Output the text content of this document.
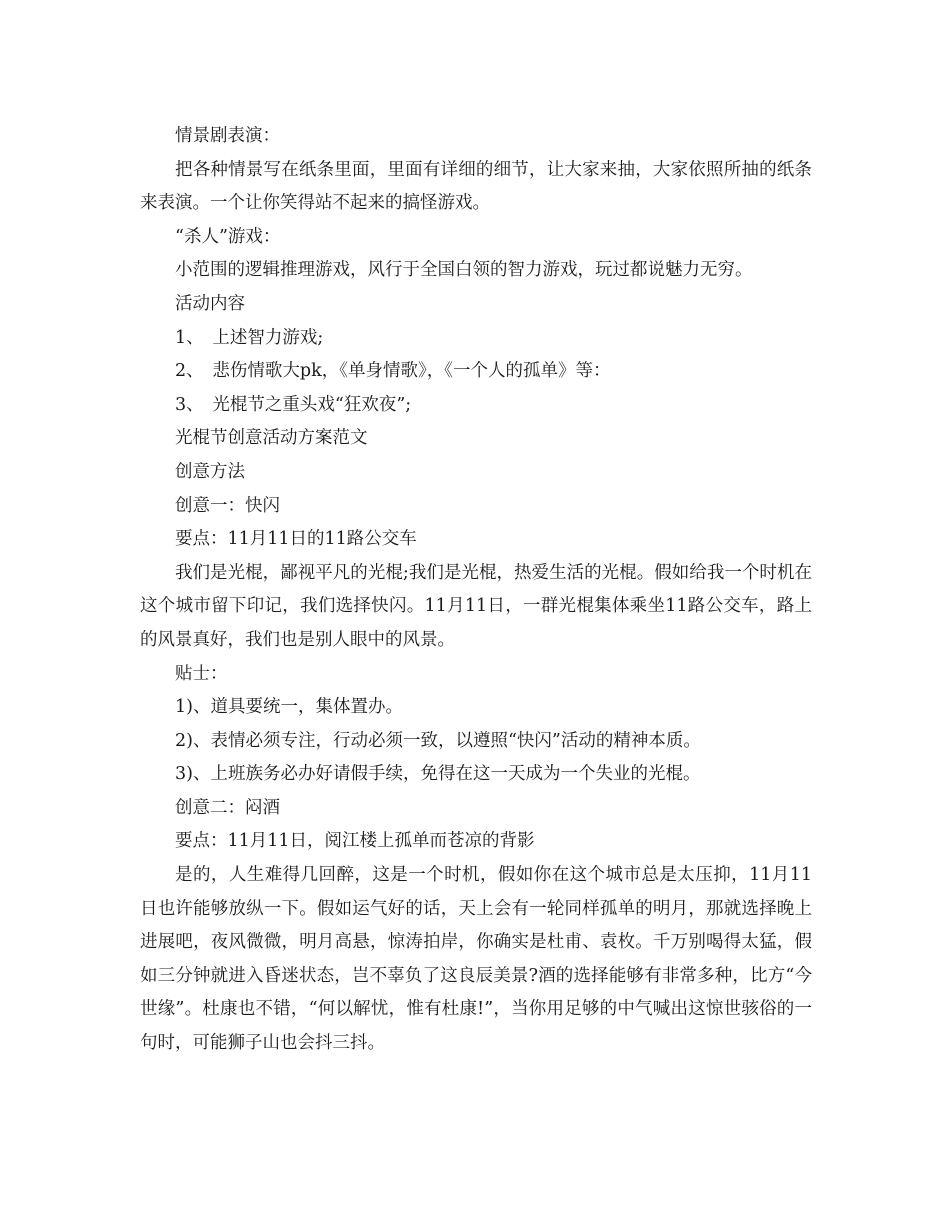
情景剧表演：

把各种情景写在纸条里面，里面有详细的细节，让大家来抽，大家依照所抽的纸条来表演。一个让你笑得站不起来的搞怪游戏。

“杀人”游戏：

小范围的逻辑推理游戏，风行于全国白领的智力游戏，玩过都说魅力无穷。

活动内容

1、　上述智力游戏;

2、　悲伤情歌大pk，《单身情歌》，《一个人的孤单》等：

3、　光棍节之重头戏“狂欢夜”;

光棍节创意活动方案范文

创意方法

创意一：快闪

要点：11月11日的11路公交车

我们是光棍，鄙视平凡的光棍;我们是光棍，热爱生活的光棍。假如给我一个时机在这个城市留下印记，我们选择快闪。11月11日，一群光棍集体乘坐11路公交车，路上的风景真好，我们也是别人眼中的风景。

贴士：

1)、道具要统一，集体置办。

2)、表情必须专注，行动必须一致，以遵照“快闪”活动的精神本质。

3)、上班族务必办好请假手续，免得在这一天成为一个失业的光棍。

创意二：闷酒

要点：11月11日，阅江楼上孤单而苍凉的背影

是的，人生难得几回醉，这是一个时机，假如你在这个城市总是太压抑，11月11日也许能够放纵一下。假如运气好的话，天上会有一轮同样孤单的明月，那就选择晚上进展吧，夜风微微，明月高悬，惊涛拍岸，你确实是杜甫、袁枚。千万别喝得太猛，假如三分钟就进入昏迷状态，岂不辜负了这良辰美景?酒的选择能够有非常多种，比方“今世缘”。杜康也不错，“何以解忧，惟有杜康!”，当你用足够的中气喊出这惊世骇俗的一句时，可能狮子山也会抖三抖。
